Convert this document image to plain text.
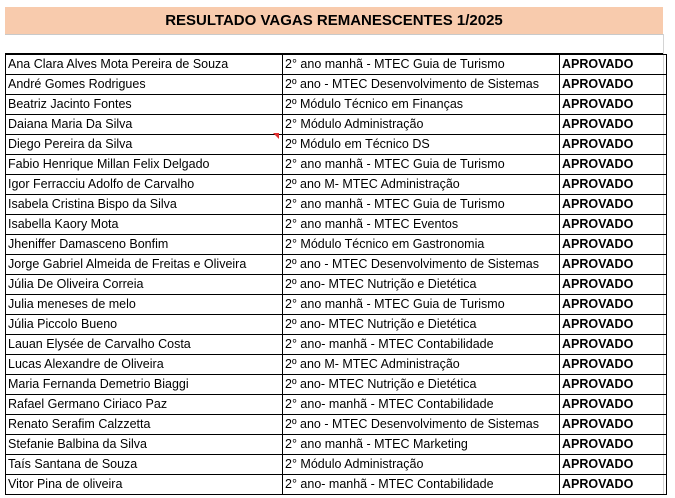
RESULTADO VAGAS REMANESCENTES 1/2025
Ana Clara Alves Mota Pereira de Souza	2° ano manhã - MTEC Guia de Turismo	APROVADO
André Gomes Rodrigues	2º ano - MTEC Desenvolvimento de Sistemas	APROVADO
Beatriz Jacinto Fontes	2º Módulo Técnico em Finanças	APROVADO
Daiana Maria Da Silva	2° Módulo Administração	APROVADO
Diego Pereira da Silva	2º Módulo em Técnico DS	APROVADO
Fabio Henrique Millan Felix Delgado	2° ano manhã - MTEC Guia de Turismo	APROVADO
Igor Ferracciu Adolfo de Carvalho	2º ano M- MTEC Administração	APROVADO
Isabela Cristina Bispo da Silva	2° ano manhã - MTEC Guia de Turismo	APROVADO
Isabella Kaory Mota	2° ano manhã - MTEC Eventos	APROVADO
Jheniffer Damasceno Bonfim	2° Módulo Técnico em Gastronomia	APROVADO
Jorge Gabriel Almeida de Freitas e Oliveira	2º ano - MTEC Desenvolvimento de Sistemas	APROVADO
Júlia De Oliveira Correia	2º ano- MTEC Nutrição e Dietética	APROVADO
Julia meneses de melo	2° ano manhã - MTEC Guia de Turismo	APROVADO
Júlia Piccolo Bueno	2º ano- MTEC Nutrição e Dietética	APROVADO
Lauan Elysée de Carvalho Costa	2° ano- manhã - MTEC Contabilidade	APROVADO
Lucas Alexandre de Oliveira	2º ano M- MTEC Administração	APROVADO
Maria Fernanda Demetrio Biaggi	2º ano- MTEC Nutrição e Dietética	APROVADO
Rafael Germano Ciriaco Paz	2° ano- manhã - MTEC Contabilidade	APROVADO
Renato Serafim Calzzetta	2º ano - MTEC Desenvolvimento de Sistemas	APROVADO
Stefanie Balbina da Silva	2° ano manhã - MTEC Marketing	APROVADO
Taís Santana de Souza	2° Módulo Administração	APROVADO
Vitor Pina de oliveira	2° ano- manhã - MTEC Contabilidade	APROVADO
